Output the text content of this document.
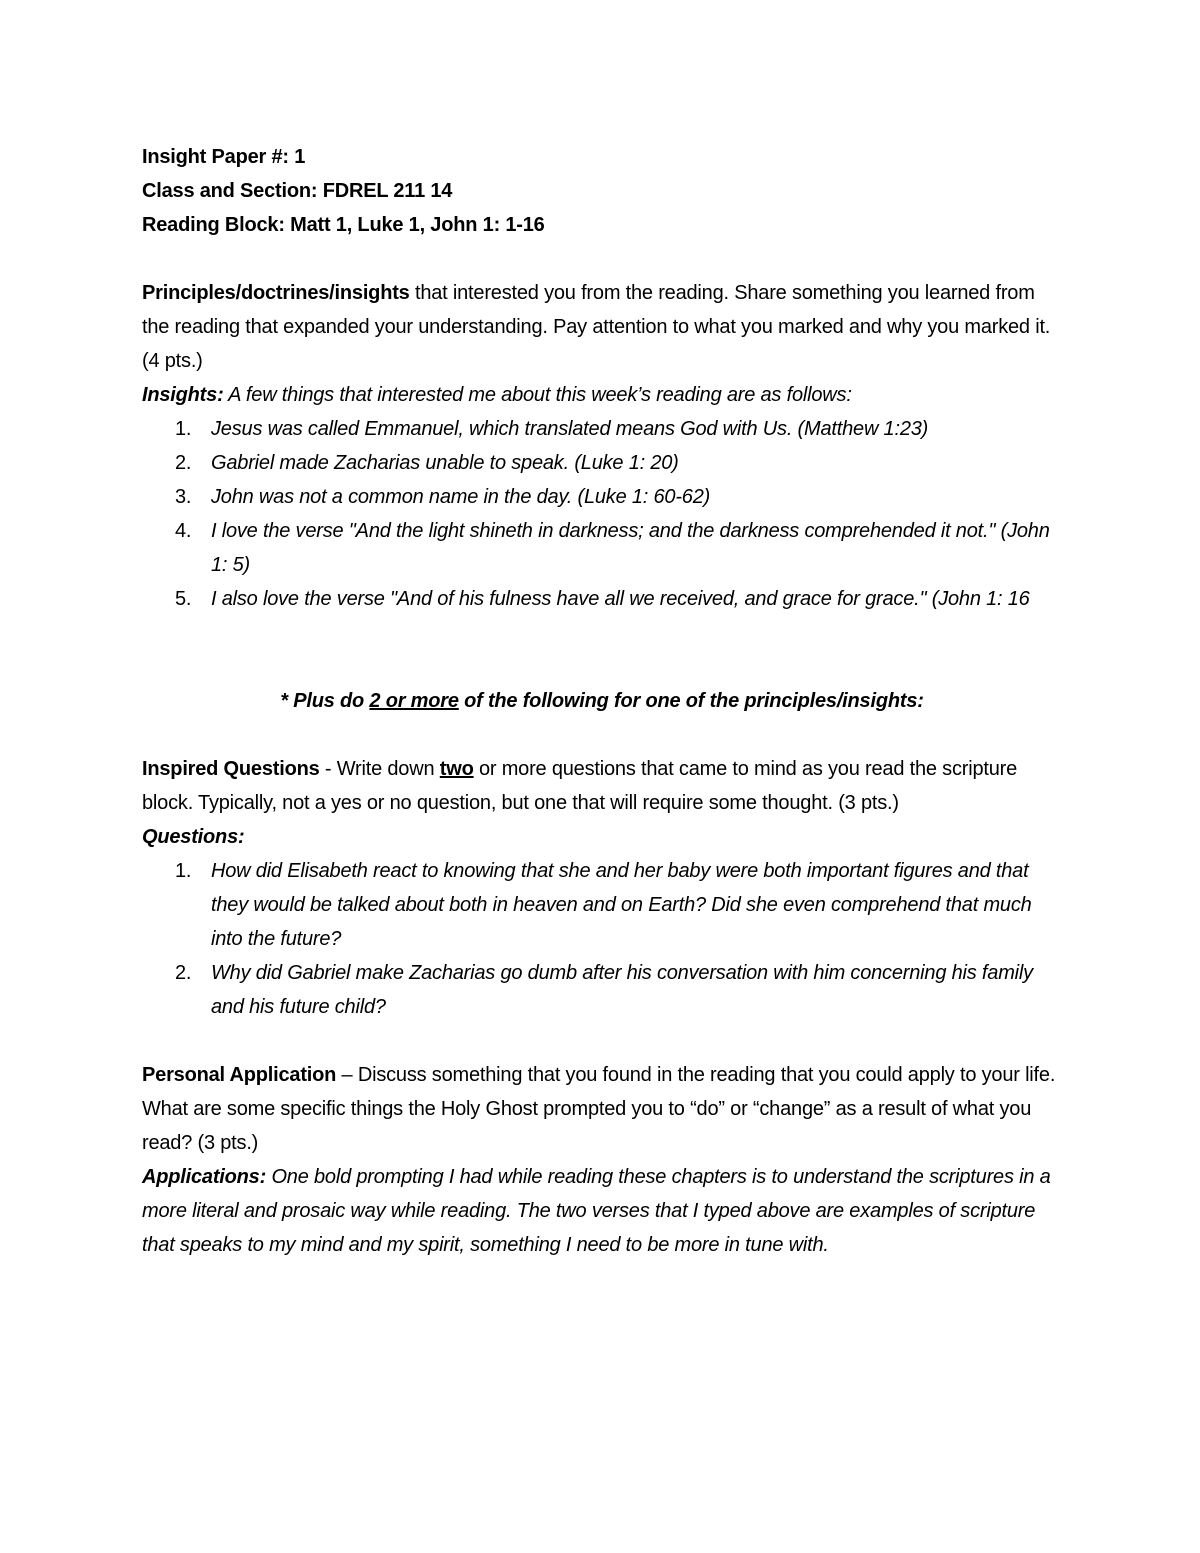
Insight Paper #: 1

Class and Section: FDREL 211 14

Reading Block: Matt 1, Luke 1, John 1: 1-16

Principles/doctrines/insights that interested you from the reading. Share something you learned from the reading that expanded your understanding. Pay attention to what you marked and why you marked it. (4 pts.)

Insights: A few things that interested me about this week’s reading are as follows:

1. Jesus was called Emmanuel, which translated means God with Us. (Matthew 1:23)
2. Gabriel made Zacharias unable to speak. (Luke 1: 20)
3. John was not a common name in the day. (Luke 1: 60-62)
4. I love the verse "And the light shineth in darkness; and the darkness comprehended it not." (John 1: 5)
5. I also love the verse "And of his fulness have all we received, and grace for grace." (John 1: 16

* Plus do 2 or more of the following for one of the principles/insights:

Inspired Questions - Write down two or more questions that came to mind as you read the scripture block. Typically, not a yes or no question, but one that will require some thought. (3 pts.)

Questions:

1. How did Elisabeth react to knowing that she and her baby were both important figures and that they would be talked about both in heaven and on Earth? Did she even comprehend that much into the future?
2. Why did Gabriel make Zacharias go dumb after his conversation with him concerning his family and his future child?

Personal Application – Discuss something that you found in the reading that you could apply to your life. What are some specific things the Holy Ghost prompted you to “do” or “change” as a result of what you read? (3 pts.)

Applications: One bold prompting I had while reading these chapters is to understand the scriptures in a more literal and prosaic way while reading. The two verses that I typed above are examples of scripture that speaks to my mind and my spirit, something I need to be more in tune with.
